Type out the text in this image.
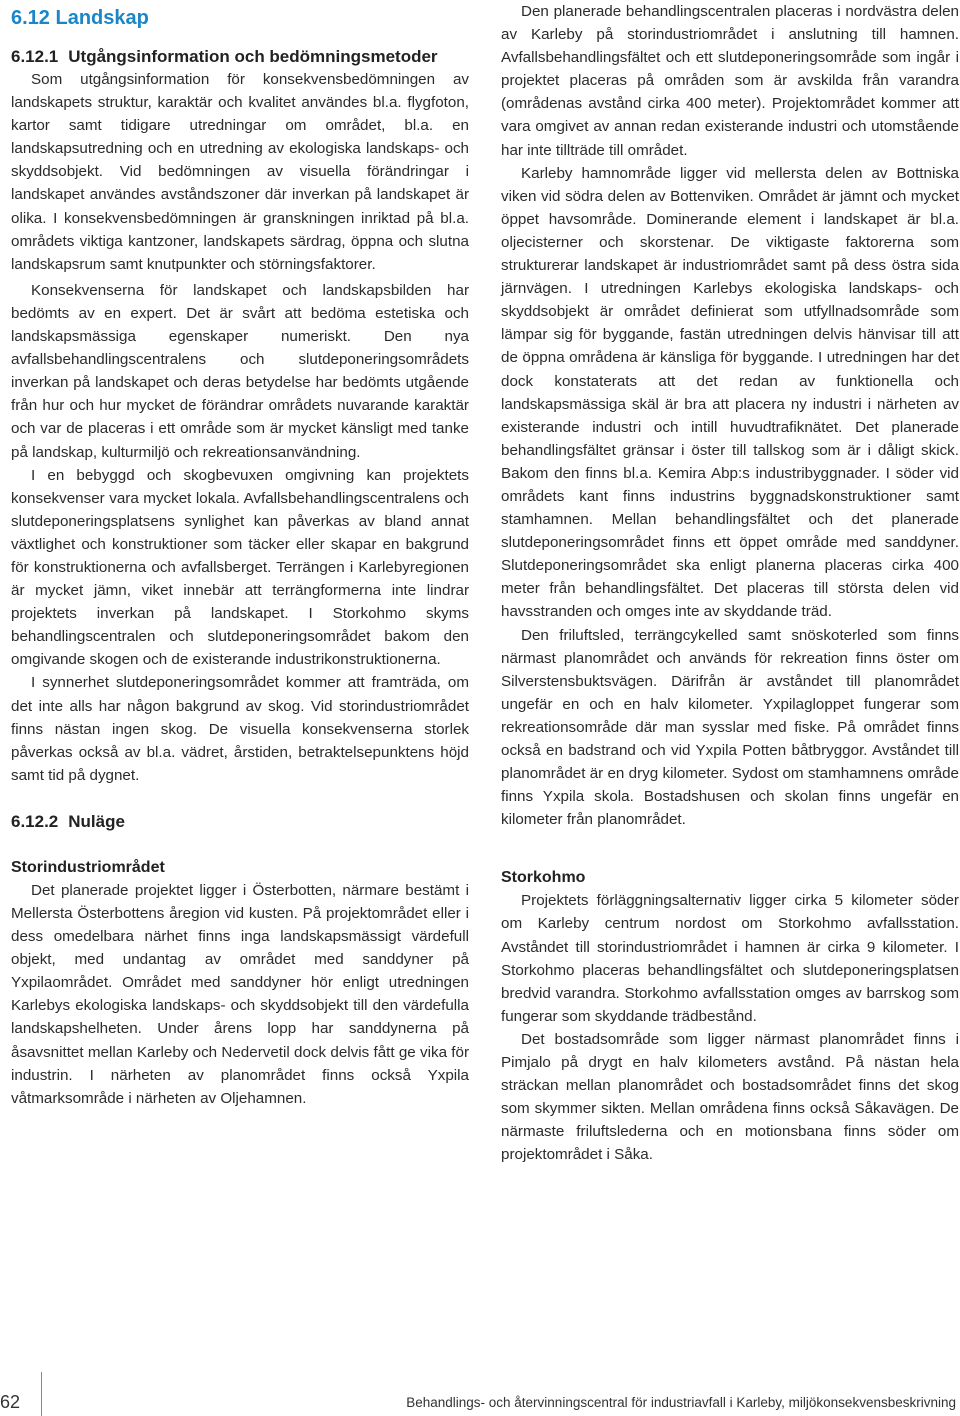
6.12 Landskap
6.12.1 Utgångsinformation och bedömningsmetoder

Som utgångsinformation för konsekvensbedömningen av landskapets struktur, karaktär och kvalitet användes bl.a. flygfoton, kartor samt tidigare utredningar om området, bl.a. en landskapsutredning och en utredning av ekologiska landskaps- och skyddsobjekt. Vid bedömningen av visuella förändringar i landskapet användes avståndszoner där inverkan på landskapet är olika. I konsekvensbedömningen är granskningen inriktad på bl.a. områdets viktiga kantzoner, landskapets särdrag, öppna och slutna landskapsrum samt knutpunkter och störningsfaktorer.

Konsekvenserna för landskapet och landskapsbilden har bedömts av en expert. Det är svårt att bedöma estetiska och landskapsmässiga egenskaper numeriskt. Den nya avfallsbehandlingscentralens och slutdeponeringsområdets inverkan på landskapet och deras betydelse har bedömts utgående från hur och hur mycket de förändrar områdets nuvarande karaktär och var de placeras i ett område som är mycket känsligt med tanke på landskap, kulturmiljö och rekreationsanvändning.

I en bebyggd och skogbevuxen omgivning kan projektets konsekvenser vara mycket lokala. Avfallsbehandlingscentralens och slutdeponeringsplatsens synlighet kan påverkas av bland annat växtlighet och konstruktioner som täcker eller skapar en bakgrund för konstruktionerna och avfallsberget. Terrängen i Karlebyregionen är mycket jämn, viket innebär att terrängformerna inte lindrar projektets inverkan på landskapet. I Storkohmo skyms behandlingscentralen och slutdeponeringsområdet bakom den omgivande skogen och de existerande industrikonstruktionerna.

I synnerhet slutdeponeringsområdet kommer att framträda, om det inte alls har någon bakgrund av skog. Vid storindustriområdet finns nästan ingen skog. De visuella konsekvenserna storlek påverkas också av bl.a. vädret, årstiden, betraktelsepunktens höjd samt tid på dygnet.

6.12.2 Nuläge
Storindustriområdet

Det planerade projektet ligger i Österbotten, närmare bestämt i Mellersta Österbottens åregion vid kusten. På projektområdet eller i dess omedelbara närhet finns inga landskapsmässigt värdefull objekt, med undantag av området med sanddyner på Yxpilaområdet. Området med sanddyner hör enligt utredningen Karlebys ekologiska landskaps- och skyddsobjekt till den värdefulla landskapshelheten. Under årens lopp har sanddynerna på åsavsnittet mellan Karleby och Nedervetil dock delvis fått ge vika för industrin. I närheten av planområdet finns också Yxpila våtmarksområde i närheten av Oljehamnen.

Den planerade behandlingscentralen placeras i nordvästra delen av Karleby på storindustriområdet i anslutning till hamnen. Avfallsbehandlingsfältet och ett slutdeponeringsområde som ingår i projektet placeras på områden som är avskilda från varandra (områdenas avstånd cirka 400 meter). Projektområdet kommer att vara omgivet av annan redan existerande industri och utomstående har inte tillträde till området.

Karleby hamnområde ligger vid mellersta delen av Bottniska viken vid södra delen av Bottenviken. Området är jämnt och mycket öppet havsområde. Dominerande element i landskapet är bl.a. oljecisterner och skorstenar. De viktigaste faktorerna som strukturerar landskapet är industriområdet samt på dess östra sida järnvägen. I utredningen Karlebys ekologiska landskaps- och skyddsobjekt är området definierat som utfyllnadsområde som lämpar sig för byggande, fastän utredningen delvis hänvisar till att de öppna områdena är känsliga för byggande. I utredningen har det dock konstaterats att det redan av funktionella och landskapsmässiga skäl är bra att placera ny industri i närheten av existerande industri och intill huvudtrafiknätet. Det planerade behandlingsfältet gränsar i öster till tallskog som är i dåligt skick. Bakom den finns bl.a. Kemira Abp:s industribyggnader. I söder vid områdets kant finns industrins byggnadskonstruktioner samt stamhamnen. Mellan behandlingsfältet och det planerade slutdeponeringsområdet finns ett öppet område med sanddyner. Slutdeponeringsområdet ska enligt planerna placeras cirka 400 meter från behandlingsfältet. Det placeras till största delen vid havsstranden och omges inte av skyddande träd.

Den friluftsled, terrängcykelled samt snöskoterled som finns närmast planområdet och används för rekreation finns öster om Silverstensbuktsvägen. Därifrån är avståndet till planområdet ungefär en och en halv kilometer. Yxpilagloppet fungerar som rekreationsområde där man sysslar med fiske. På området finns också en badstrand och vid Yxpila Potten båtbryggor. Avståndet till planområdet är en dryg kilometer. Sydost om stamhamnens område finns Yxpila skola. Bostadshusen och skolan finns ungefär en kilometer från planområdet.

Storkohmo

Projektets förläggningsalternativ ligger cirka 5 kilometer söder om Karleby centrum nordost om Storkohmo avfallsstation. Avståndet till storindustriområdet i hamnen är cirka 9 kilometer. I Storkohmo placeras behandlingsfältet och slutdeponeringsplatsen bredvid varandra. Storkohmo avfallsstation omges av barrskog som fungerar som skyddande trädbestånd.

Det bostadsområde som ligger närmast planområdet finns i Pimjalo på drygt en halv kilometers avstånd. På nästan hela sträckan mellan planområdet och bostadsområdet finns det skog som skymmer sikten. Mellan områdena finns också Såkavägen. De närmaste friluftslederna och en motionsbana finns söder om projektområdet i Såka.

62	Behandlings- och återvinningscentral för industriavfall i Karleby, miljökonsekvensbeskrivning
